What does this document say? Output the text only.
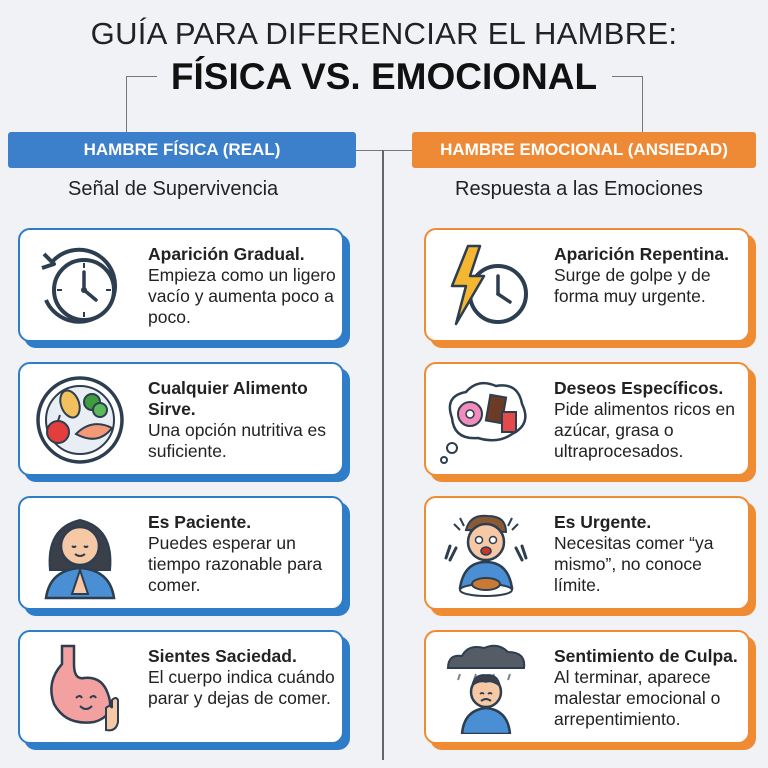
GUÍA PARA DIFERENCIAR EL HAMBRE:
FÍSICA VS. EMOCIONAL
HAMBRE FÍSICA (REAL)	HAMBRE EMOCIONAL (ANSIEDAD)
Señal de Supervivencia	Respuesta a las Emociones
Aparición Gradual.
Empieza como un ligero vacío y aumenta poco a poco.
Cualquier Alimento Sirve.
Una opción nutritiva es suficiente.
Es Paciente.
Puedes esperar un tiempo razonable para comer.
Sientes Saciedad.
El cuerpo indica cuándo parar y dejas de comer.
Aparición Repentina.
Surge de golpe y de forma muy urgente.
Deseos Específicos.
Pide alimentos ricos en azúcar, grasa o ultraprocesados.
Es Urgente.
Necesitas comer “ya mismo”, no conoce límite.
Sentimiento de Culpa.
Al terminar, aparece malestar emocional o arrepentimiento.
